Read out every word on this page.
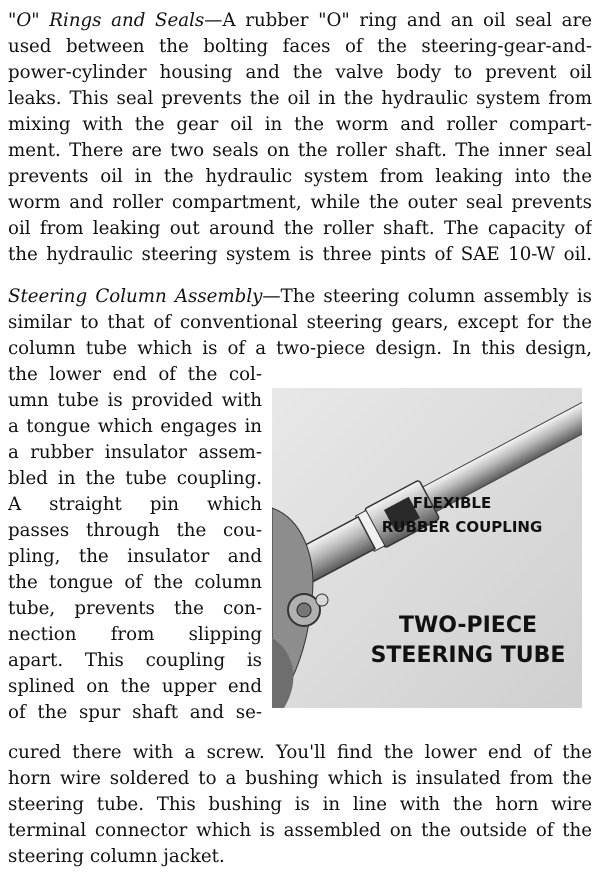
"O" Rings and Seals—A rubber "O" ring and an oil seal are
used between the bolting faces of the steering-gear-and-
power-cylinder housing and the valve body to prevent oil
leaks. This seal prevents the oil in the hydraulic system from
mixing with the gear oil in the worm and roller compart-
ment. There are two seals on the roller shaft. The inner seal
prevents oil in the hydraulic system from leaking into the
worm and roller compartment, while the outer seal prevents
oil from leaking out around the roller shaft. The capacity of
the hydraulic steering system is three pints of SAE 10-W oil.
Steering Column Assembly—The steering column assembly is
similar to that of conventional steering gears, except for the
column tube which is of a two-piece design. In this design,
the lower end of the col-
umn tube is provided with
a tongue which engages in
a rubber insulator assem-
bled in the tube coupling.
A straight pin which
passes through the cou-
pling, the insulator and
the tongue of the column
tube, prevents the con-
nection from slipping
apart. This coupling is
splined on the upper end
of the spur shaft and se-
cured there with a screw. You'll find the lower end of the
horn wire soldered to a bushing which is insulated from the
steering tube. This bushing is in line with the horn wire
terminal connector which is assembled on the outside of the
steering column jacket.
FLEXIBLE
RUBBER COUPLING
TWO-PIECE
STEERING TUBE
